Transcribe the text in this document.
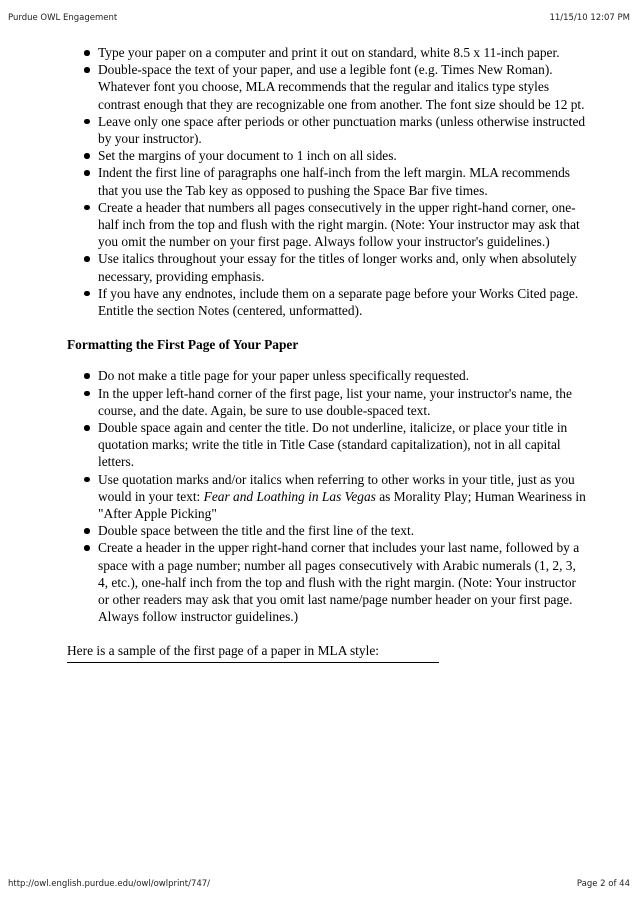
Purdue OWL Engagement	11/15/10 12:07 PM
Type your paper on a computer and print it out on standard, white 8.5 x 11-inch paper.
Double-space the text of your paper, and use a legible font (e.g. Times New Roman). Whatever font you choose, MLA recommends that the regular and italics type styles contrast enough that they are recognizable one from another. The font size should be 12 pt.
Leave only one space after periods or other punctuation marks (unless otherwise instructed by your instructor).
Set the margins of your document to 1 inch on all sides.
Indent the first line of paragraphs one half-inch from the left margin. MLA recommends that you use the Tab key as opposed to pushing the Space Bar five times.
Create a header that numbers all pages consecutively in the upper right-hand corner, one-half inch from the top and flush with the right margin. (Note: Your instructor may ask that you omit the number on your first page. Always follow your instructor's guidelines.)
Use italics throughout your essay for the titles of longer works and, only when absolutely necessary, providing emphasis.
If you have any endnotes, include them on a separate page before your Works Cited page. Entitle the section Notes (centered, unformatted).
Formatting the First Page of Your Paper
Do not make a title page for your paper unless specifically requested.
In the upper left-hand corner of the first page, list your name, your instructor's name, the course, and the date. Again, be sure to use double-spaced text.
Double space again and center the title. Do not underline, italicize, or place your title in quotation marks; write the title in Title Case (standard capitalization), not in all capital letters.
Use quotation marks and/or italics when referring to other works in your title, just as you would in your text: Fear and Loathing in Las Vegas as Morality Play; Human Weariness in "After Apple Picking"
Double space between the title and the first line of the text.
Create a header in the upper right-hand corner that includes your last name, followed by a space with a page number; number all pages consecutively with Arabic numerals (1, 2, 3, 4, etc.), one-half inch from the top and flush with the right margin. (Note: Your instructor or other readers may ask that you omit last name/page number header on your first page. Always follow instructor guidelines.)
Here is a sample of the first page of a paper in MLA style:
http://owl.english.purdue.edu/owl/owlprint/747/	Page 2 of 44
